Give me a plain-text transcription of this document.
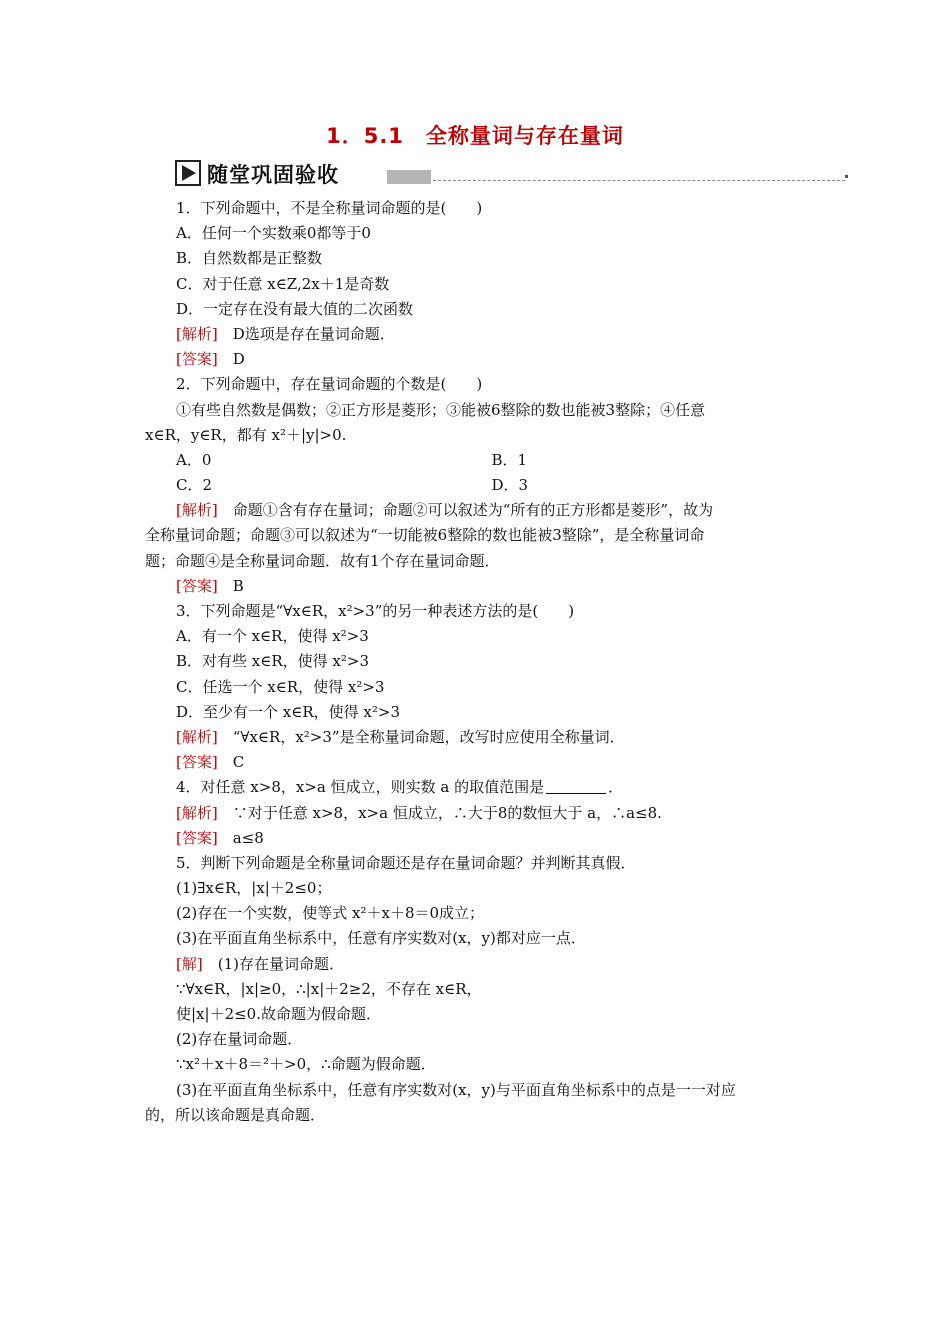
1．5.1　全称量词与存在量词
随堂巩固验收
1．下列命题中，不是全称量词命题的是(　　)
A．任何一个实数乘0都等于0
B．自然数都是正整数
C．对于任意 x∈Z,2x＋1是奇数
D．一定存在没有最大值的二次函数
[解析]　 D选项是存在量词命题．
[答案]　 D
2．下列命题中，存在量词命题的个数是(　　)
①有些自然数是偶数；②正方形是菱形；③能被6整除的数也能被3整除；④任意
x∈R，y∈R，都有 x²＋|y|>0.
A．0	B．1
C．2	D．3
[解析]　 命题①含有存在量词；命题②可以叙述为“所有的正方形都是菱形”，故为
全称量词命题；命题③可以叙述为“一切能被6整除的数也能被3整除”，是全称量词命
题；命题④是全称量词命题．故有1个存在量词命题．
[答案]　 B
3．下列命题是“∀x∈R，x²>3”的另一种表述方法的是(　　)
A．有一个 x∈R，使得 x²>3
B．对有些 x∈R，使得 x²>3
C．任选一个 x∈R，使得 x²>3
D．至少有一个 x∈R，使得 x²>3
[解析]　 “∀x∈R，x²>3”是全称量词命题，改写时应使用全称量词．
[答案]　 C
4．对任意 x>8，x>a 恒成立，则实数 a 的取值范围是	．
[解析]　 ∵对于任意 x>8，x>a 恒成立，∴大于8的数恒大于 a，∴a≤8.
[答案]　 a≤8
5．判断下列命题是全称量词命题还是存在量词命题？并判断其真假．
(1)∃x∈R，|x|＋2≤0；
(2)存在一个实数，使等式 x²＋x＋8＝0成立；
(3)在平面直角坐标系中，任意有序实数对(x，y)都对应一点．
[解]　 (1)存在量词命题．
∵∀x∈R，|x|≥0，∴|x|＋2≥2，不存在 x∈R，
使|x|＋2≤0.故命题为假命题．
(2)存在量词命题．
∵x²＋x＋8＝²＋>0，∴命题为假命题．
(3)在平面直角坐标系中，任意有序实数对(x，y)与平面直角坐标系中的点是一一对应
的，所以该命题是真命题．
